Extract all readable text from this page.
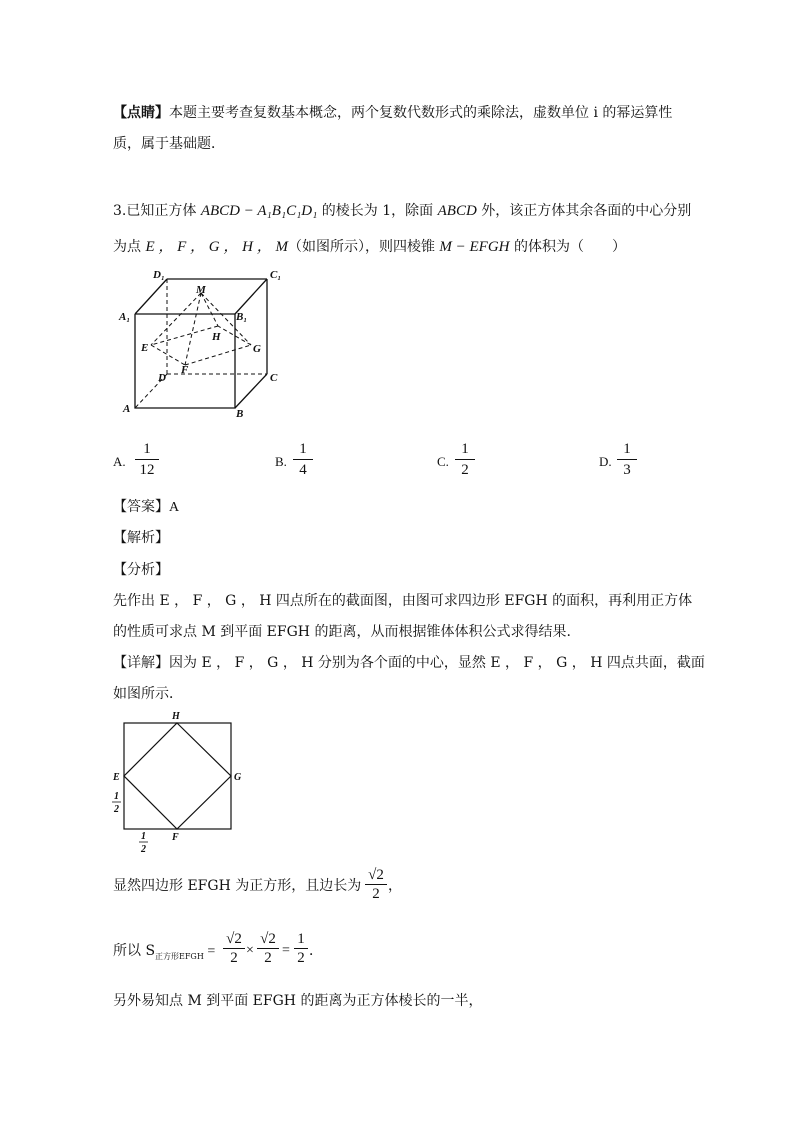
【点睛】本题主要考查复数基本概念，两个复数代数形式的乘除法，虚数单位 i 的幂运算性
质，属于基础题．
3.已知正方体 ABCD − A₁B₁C₁D₁ 的棱长为 1，除面 ABCD 外，该正方体其余各面的中心分别
为点 E ， F ， G ， H ， M（如图所示），则四棱锥 M − EFGH 的体积为（　　）
D₁	C₁
A₁	B₁
M
E
H
G
F
D	C
A	B
A.
1
12
B.
1
4
C.
1
2
D.
1
3
【答案】A
【解析】
【分析】
先作出 E ， F ， G ， H 四点所在的截面图，由图可求四边形 EFGH 的面积，再利用正方体
的性质可求点 M 到平面 EFGH 的距离，从而根据锥体体积公式求得结果.
【详解】因为 E ， F ， G ， H 分别为各个面的中心，显然 E ， F ， G ， H 四点共面，截面
如图所示．
H
E	G
F
1
2
1
2
显然四边形 EFGH 为正方形，且边长为
√2
2 ，
所以 $S_{正方形EFGH}$ =
√2
2 ×
√2
2 =
1
2 ．
另外易知点 M 到平面 EFGH 的距离为正方体棱长的一半，
